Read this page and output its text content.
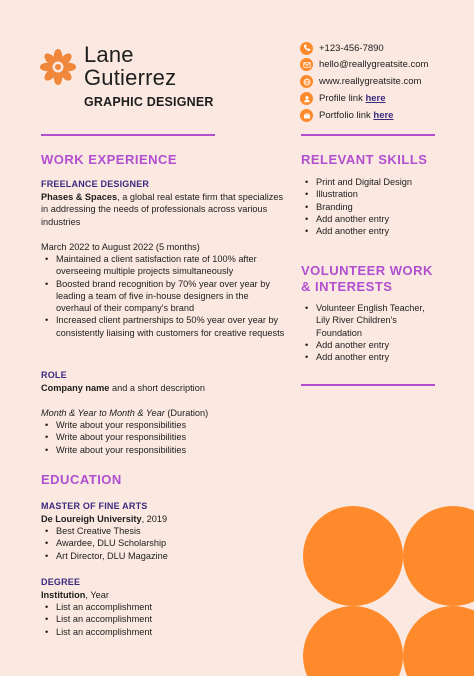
Lane
Gutierrez
GRAPHIC DESIGNER
+123-456-7890
hello@reallygreatsite.com
www.reallygreatsite.com
Profile link here
Portfolio link here
WORK EXPERIENCE
FREELANCE DESIGNER
Phases & Spaces, a global real estate firm that specializes
in addressing the needs of professionals across various
industries
March 2022 to August 2022 (5 months)
• Maintained a client satisfaction rate of 100% after overseeing multiple projects simultaneously
• Boosted brand recognition by 70% year over year by leading a team of five in-house designers in the overhaul of their company's brand
• Increased client partnerships to 50% year over year by consistently liaising with customers for creative requests
ROLE
Company name and a short description
Month & Year to Month & Year (Duration)
• Write about your responsibilities
• Write about your responsibilities
• Write about your responsibilities
EDUCATION
MASTER OF FINE ARTS
De Loureigh University, 2019
• Best Creative Thesis
• Awardee, DLU Scholarship
• Art Director, DLU Magazine
DEGREE
Institution, Year
• List an accomplishment
• List an accomplishment
• List an accomplishment
RELEVANT SKILLS
• Print and Digital Design
• Illustration
• Branding
• Add another entry
• Add another entry
VOLUNTEER WORK
& INTERESTS
• Volunteer English Teacher, Lily River Children's Foundation
• Add another entry
• Add another entry
